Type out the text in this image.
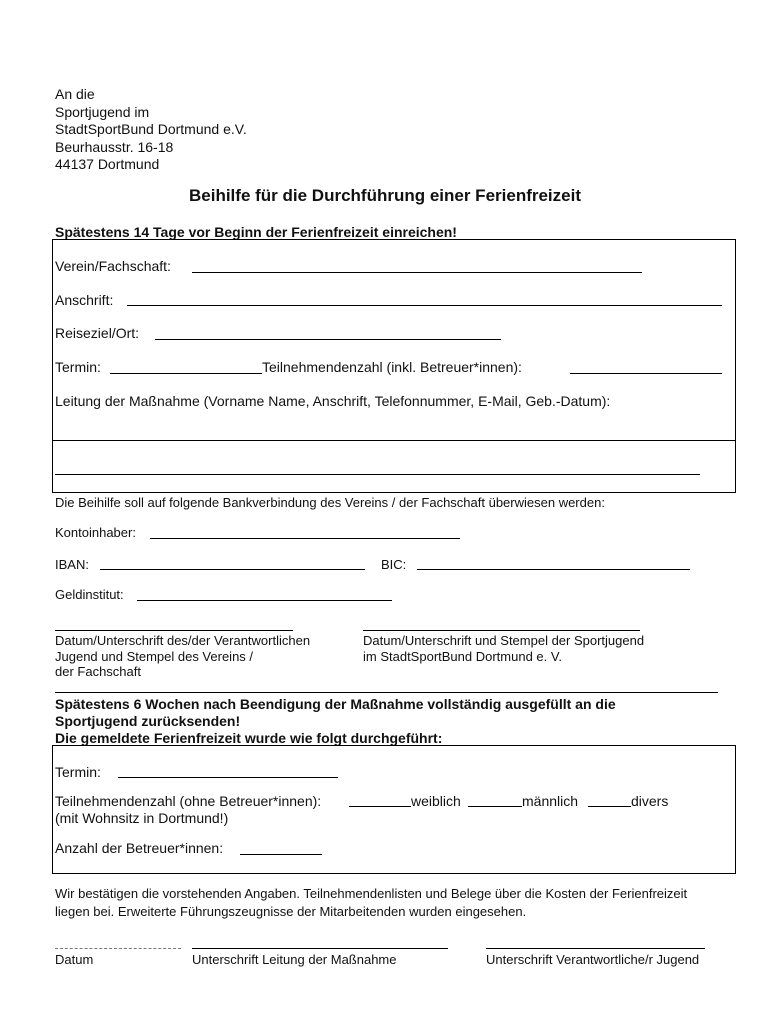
An die
Sportjugend im
StadtSportBund Dortmund e.V.
Beurhausstr. 16-18
44137 Dortmund
Beihilfe für die Durchführung einer Ferienfreizeit
Spätestens 14 Tage vor Beginn der Ferienfreizeit einreichen!
Verein/Fachschaft:
Anschrift:
Reiseziel/Ort:
Termin:	Teilnehmendenzahl (inkl. Betreuer*innen):
Leitung der Maßnahme (Vorname Name, Anschrift, Telefonnummer, E-Mail, Geb.-Datum):
Die Beihilfe soll auf folgende Bankverbindung des Vereins / der Fachschaft überwiesen werden:
Kontoinhaber:
IBAN:	BIC:
Geldinstitut:
Datum/Unterschrift des/der Verantwortlichen
Jugend und Stempel des Vereins /
der Fachschaft
Datum/Unterschrift und Stempel der Sportjugend
im StadtSportBund Dortmund e. V.
Spätestens 6 Wochen nach Beendigung der Maßnahme vollständig ausgefüllt an die
Sportjugend zurücksenden!
Die gemeldete Ferienfreizeit wurde wie folgt durchgeführt:
Termin:
Teilnehmendenzahl (ohne Betreuer*innen):	weiblich	männlich	divers
(mit Wohnsitz in Dortmund!)
Anzahl der Betreuer*innen:
Wir bestätigen die vorstehenden Angaben. Teilnehmendenlisten und Belege über die Kosten der Ferienfreizeit
liegen bei. Erweiterte Führungszeugnisse der Mitarbeitenden wurden eingesehen.
Datum	Unterschrift Leitung der Maßnahme	Unterschrift Verantwortliche/r Jugend
